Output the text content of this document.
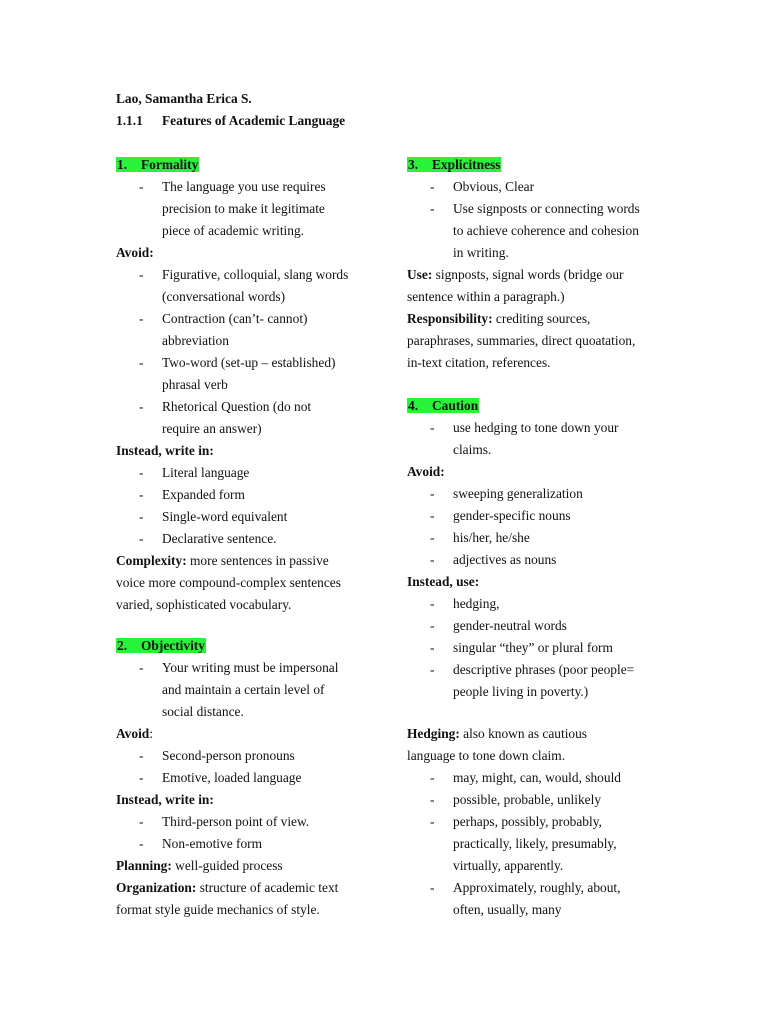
Lao, Samantha Erica S.
1.1.1 Features of Academic Language
1. Formality
- The language you use requires
precision to make it legitimate
piece of academic writing.
Avoid:
- Figurative, colloquial, slang words
(conversational words)
- Contraction (can’t- cannot)
abbreviation
- Two-word (set-up – established)
phrasal verb
- Rhetorical Question (do not
require an answer)
Instead, write in:
- Literal language
- Expanded form
- Single-word equivalent
- Declarative sentence.
Complexity: more sentences in passive
voice more compound-complex sentences
varied, sophisticated vocabulary.
2. Objectivity
- Your writing must be impersonal
and maintain a certain level of
social distance.
Avoid:
- Second-person pronouns
- Emotive, loaded language
Instead, write in:
- Third-person point of view.
- Non-emotive form
Planning: well-guided process
Organization: structure of academic text
format style guide mechanics of style.
3. Explicitness
- Obvious, Clear
- Use signposts or connecting words
to achieve coherence and cohesion
in writing.
Use: signposts, signal words (bridge our
sentence within a paragraph.)
Responsibility: crediting sources,
paraphrases, summaries, direct quoatation,
in-text citation, references.
4. Caution
- use hedging to tone down your
claims.
Avoid:
- sweeping generalization
- gender-specific nouns
- his/her, he/she
- adjectives as nouns
Instead, use:
- hedging,
- gender-neutral words
- singular “they” or plural form
- descriptive phrases (poor people=
people living in poverty.)
Hedging: also known as cautious
language to tone down claim.
- may, might, can, would, should
- possible, probable, unlikely
- perhaps, possibly, probably,
practically, likely, presumably,
virtually, apparently.
- Approximately, roughly, about,
often, usually, many
